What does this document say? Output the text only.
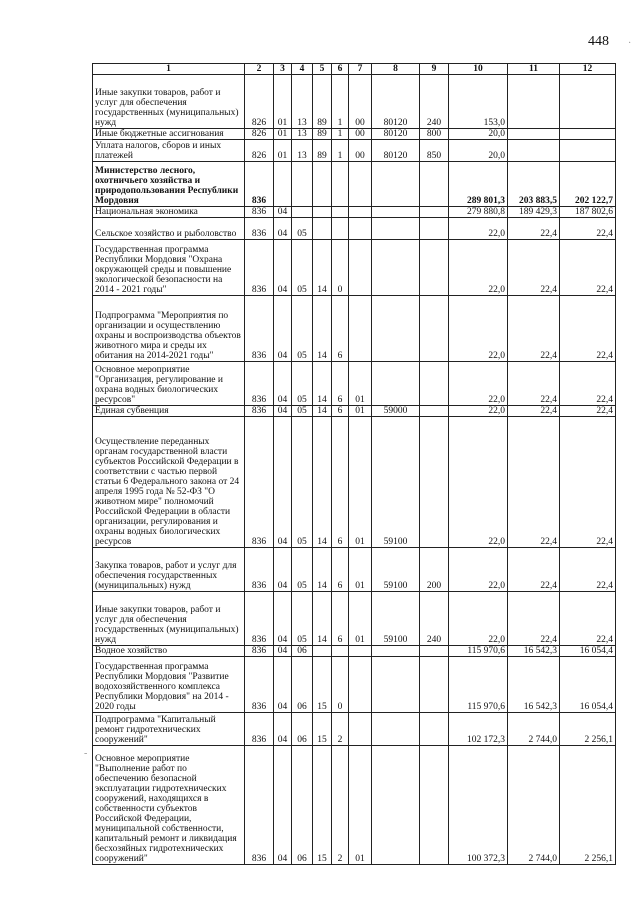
448
1	2	3	4	5	6	7	8	9	10	11	12
Иные закупки товаров, работ и услуг для обеспечения государственных (муниципальных) нужд	826	01	13	89	1	00	80120	240	153,0		
Иные бюджетные ассигнования	826	01	13	89	1	00	80120	800	20,0		
Уплата налогов, сборов и иных платежей	826	01	13	89	1	00	80120	850	20,0		
Министерство лесного, охотничьего хозяйства и природопользования Республики Мордовия	836								289 801,3	203 883,5	202 122,7
Национальная экономика	836	04							279 880,8	189 429,3	187 802,6
Сельское хозяйство и рыболовство	836	04	05						22,0	22,4	22,4
Государственная программа Республики Мордовия "Охрана окружающей среды и повышение экологической безопасности на 2014 - 2021 годы"	836	04	05	14	0				22,0	22,4	22,4
Подпрограмма "Мероприятия по организации и осуществлению охраны и воспроизводства объектов животного мира и среды их обитания на 2014-2021 годы"	836	04	05	14	6				22,0	22,4	22,4
Основное мероприятие "Организация, регулирование и охрана водных биологических ресурсов"	836	04	05	14	6	01			22,0	22,4	22,4
Единая субвенция	836	04	05	14	6	01	59000		22,0	22,4	22,4
Осуществление переданных органам государственной власти субъектов Российской Федерации в соответствии с частью первой статьи 6 Федерального закона от 24 апреля 1995 года № 52-ФЗ "О животном мире" полномочий Российской Федерации в области организации, регулирования и охраны водных биологических ресурсов	836	04	05	14	6	01	59100		22,0	22,4	22,4
Закупка товаров, работ и услуг для обеспечения государственных (муниципальных) нужд	836	04	05	14	6	01	59100	200	22,0	22,4	22,4
Иные закупки товаров, работ и услуг для обеспечения государственных (муниципальных) нужд	836	04	05	14	6	01	59100	240	22,0	22,4	22,4
Водное хозяйство	836	04	06						115 970,6	16 542,3	16 054,4
Государственная программа Республики Мордовия "Развитие водохозяйственного комплекса Республики Мордовия" на 2014 - 2020 годы	836	04	06	15	0				115 970,6	16 542,3	16 054,4
Подпрограмма "Капитальный ремонт гидротехнических сооружений"	836	04	06	15	2				102 172,3	2 744,0	2 256,1
Основное мероприятие "Выполнение работ по обеспечению безопасной эксплуатации гидротехнических сооружений, находящихся в собственности субъектов Российской Федерации, муниципальной собственности, капитальный ремонт и ликвидация бесхозяйных гидротехнических сооружений"	836	04	06	15	2	01			100 372,3	2 744,0	2 256,1
·
-
